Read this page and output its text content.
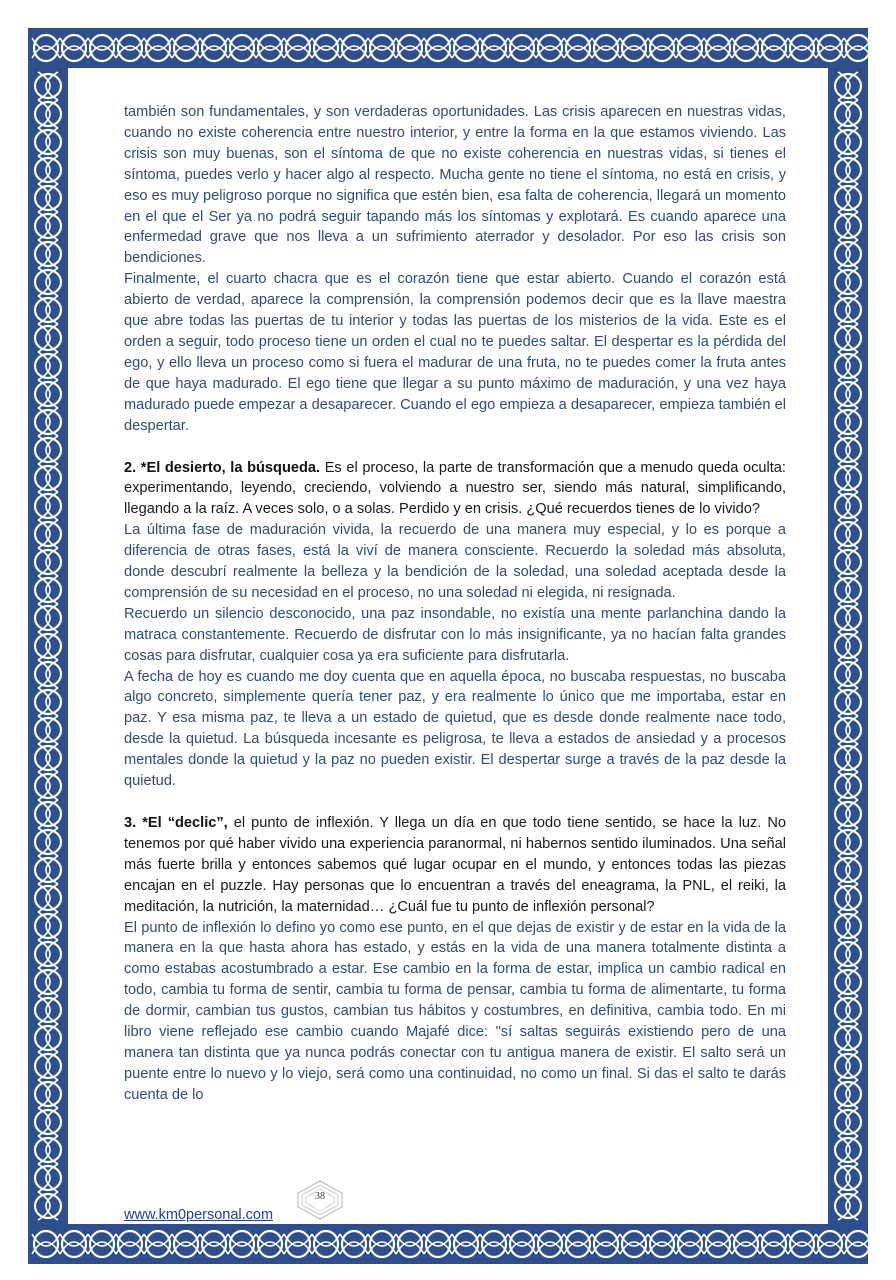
también son fundamentales, y son verdaderas oportunidades. Las crisis aparecen en nuestras vidas, cuando no existe coherencia entre nuestro interior, y entre la forma en la que estamos viviendo. Las crisis son muy buenas, son el síntoma de que no existe coherencia en nuestras vidas, si tienes el síntoma, puedes verlo y hacer algo al respecto. Mucha gente no tiene el síntoma, no está en crisis, y eso es muy peligroso porque no significa que estén bien, esa falta de coherencia, llegará un momento en el que el Ser ya no podrá seguir tapando más los síntomas y explotará. Es cuando aparece una enfermedad grave que nos lleva a un sufrimiento aterrador y desolador. Por eso las crisis son bendiciones.

Finalmente, el cuarto chacra que es el corazón tiene que estar abierto. Cuando el corazón está abierto de verdad, aparece la comprensión, la comprensión podemos decir que es la llave maestra que abre todas las puertas de tu interior y todas las puertas de los misterios de la vida. Este es el orden a seguir, todo proceso tiene un orden el cual no te puedes saltar. El despertar es la pérdida del ego, y ello lleva un proceso como si fuera el madurar de una fruta, no te puedes comer la fruta antes de que haya madurado. El ego tiene que llegar a su punto máximo de maduración, y una vez haya madurado puede empezar a desaparecer. Cuando el ego empieza a desaparecer, empieza también el despertar.

2. *El desierto, la búsqueda. Es el proceso, la parte de transformación que a menudo queda oculta: experimentando, leyendo, creciendo, volviendo a nuestro ser, siendo más natural, simplificando, llegando a la raíz. A veces solo, o a solas. Perdido y en crisis. ¿Qué recuerdos tienes de lo vivido?

La última fase de maduración vivida, la recuerdo de una manera muy especial, y lo es porque a diferencia de otras fases, está la viví de manera consciente. Recuerdo la soledad más absoluta, donde descubrí realmente la belleza y la bendición de la soledad, una soledad aceptada desde la comprensión de su necesidad en el proceso, no una soledad ni elegida, ni resignada.

Recuerdo un silencio desconocido, una paz insondable, no existía una mente parlanchina dando la matraca constantemente. Recuerdo de disfrutar con lo más insignificante, ya no hacían falta grandes cosas para disfrutar, cualquier cosa ya era suficiente para disfrutarla.

A fecha de hoy es cuando me doy cuenta que en aquella época, no buscaba respuestas, no buscaba algo concreto, simplemente quería tener paz, y era realmente lo único que me importaba, estar en paz. Y esa misma paz, te lleva a un estado de quietud, que es desde donde realmente nace todo, desde la quietud. La búsqueda incesante es peligrosa, te lleva a estados de ansiedad y a procesos mentales donde la quietud y la paz no pueden existir. El despertar surge a través de la paz desde la quietud.

3. *El “declic”, el punto de inflexión. Y llega un día en que todo tiene sentido, se hace la luz. No tenemos por qué haber vivido una experiencia paranormal, ni habernos sentido iluminados. Una señal más fuerte brilla y entonces sabemos qué lugar ocupar en el mundo, y entonces todas las piezas encajan en el puzzle. Hay personas que lo encuentran a través del eneagrama, la PNL, el reiki, la meditación, la nutrición, la maternidad… ¿Cuál fue tu punto de inflexión personal?

El punto de inflexión lo defino yo como ese punto, en el que dejas de existir y de estar en la vida de la manera en la que hasta ahora has estado, y estás en la vida de una manera totalmente distinta a como estabas acostumbrado a estar. Ese cambio en la forma de estar, implica un cambio radical en todo, cambia tu forma de sentir, cambia tu forma de pensar, cambia tu forma de alimentarte, tu forma de dormir, cambian tus gustos, cambian tus hábitos y costumbres, en definitiva, cambia todo. En mi libro viene reflejado ese cambio cuando Majafé dice: "sí saltas seguirás existiendo pero de una manera tan distinta que ya nunca podrás conectar con tu antigua manera de existir. El salto será un puente entre lo nuevo y lo viejo, será como una continuidad, no como un final. Si das el salto te darás cuenta de lo

38
www.km0personal.com
